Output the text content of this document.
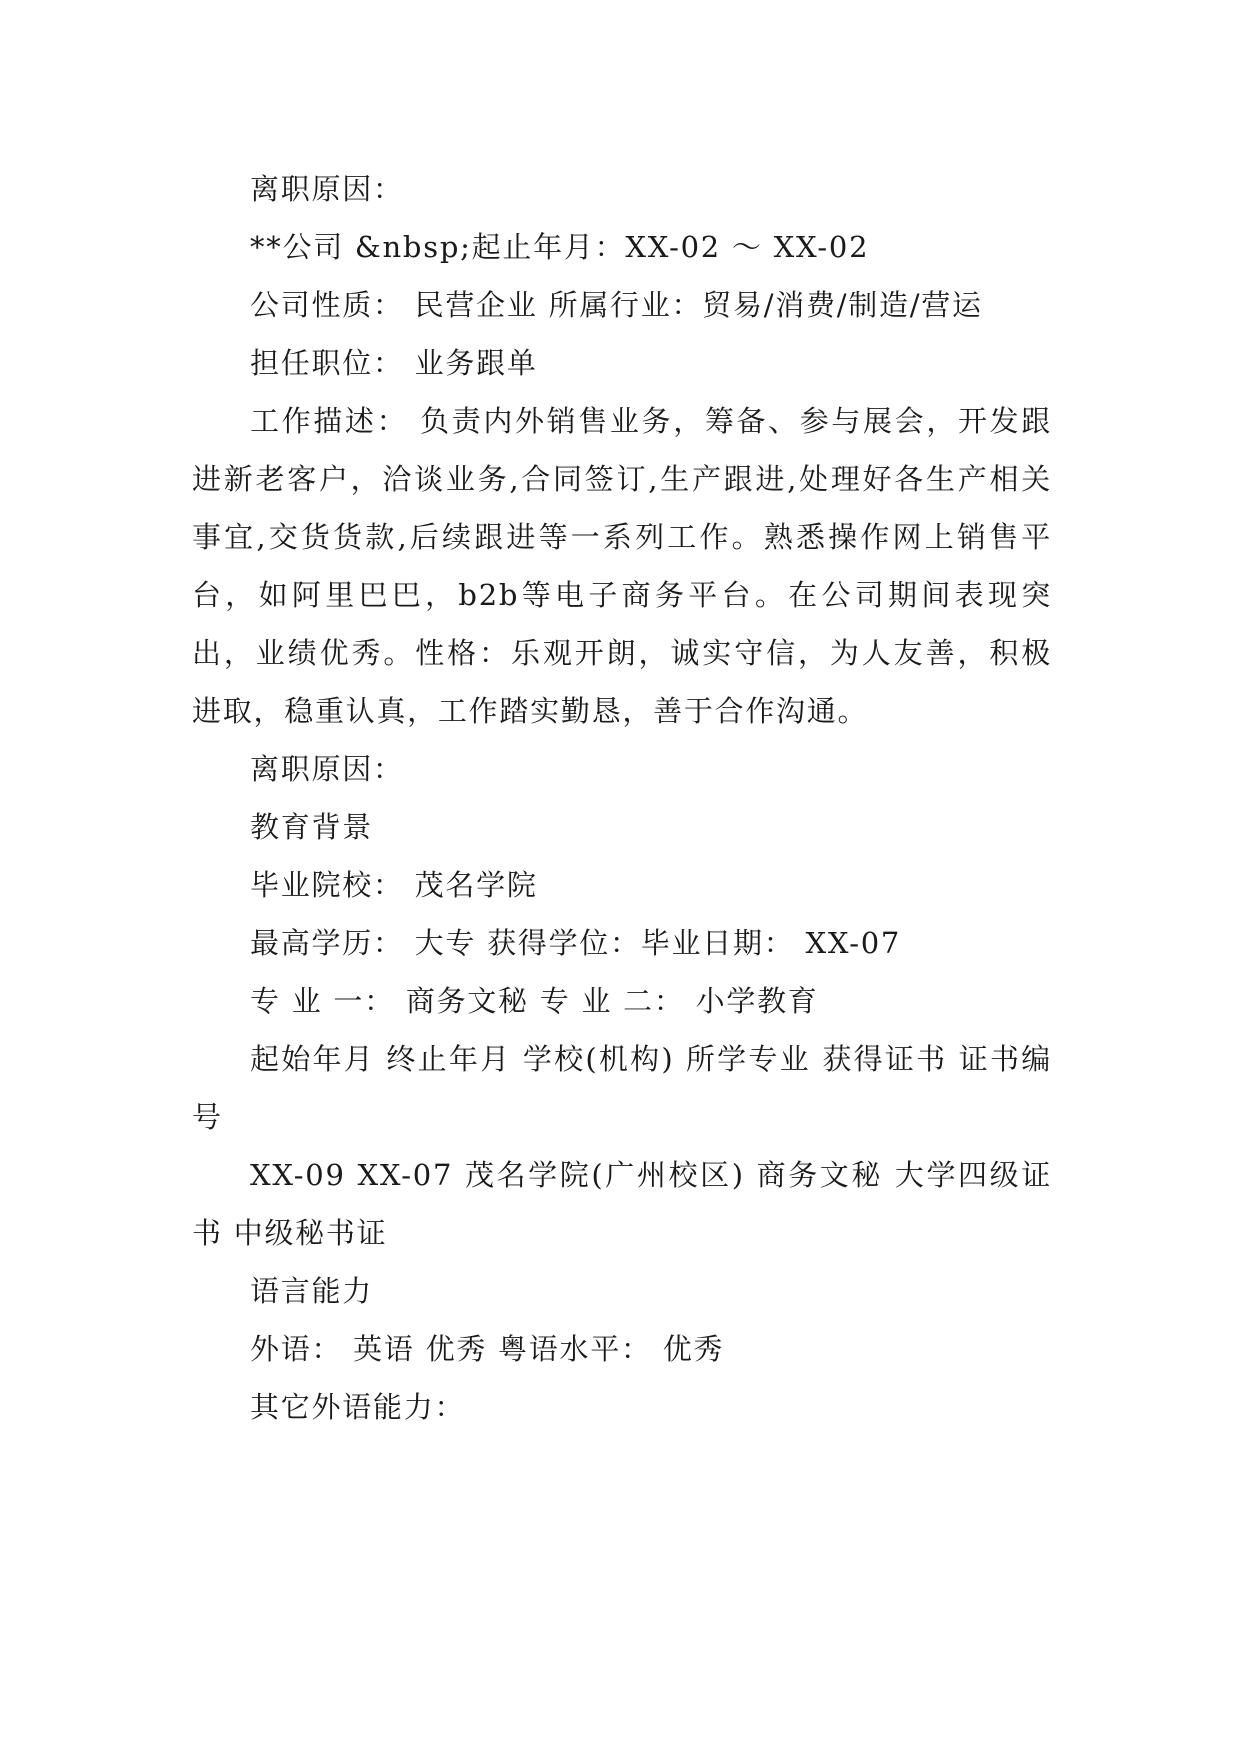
离职原因：

**公司 &nbsp;起止年月：XX-02 ～ XX-02

公司性质： 民营企业 所属行业：贸易/消费/制造/营运

担任职位： 业务跟单

工作描述： 负责内外销售业务，筹备、参与展会，开发跟进新老客户，洽谈业务,合同签订,生产跟进,处理好各生产相关事宜,交货货款,后续跟进等一系列工作。熟悉操作网上销售平台，如阿里巴巴，b2b等电子商务平台。在公司期间表现突出，业绩优秀。性格：乐观开朗，诚实守信，为人友善，积极进取，稳重认真，工作踏实勤恳，善于合作沟通。

离职原因：

教育背景

毕业院校： 茂名学院

最高学历： 大专 获得学位：毕业日期： XX-07

专 业 一： 商务文秘 专 业 二： 小学教育

起始年月 终止年月 学校(机构) 所学专业 获得证书 证书编号

XX-09 XX-07 茂名学院(广州校区) 商务文秘 大学四级证书 中级秘书证

语言能力

外语： 英语 优秀 粤语水平： 优秀

其它外语能力：
